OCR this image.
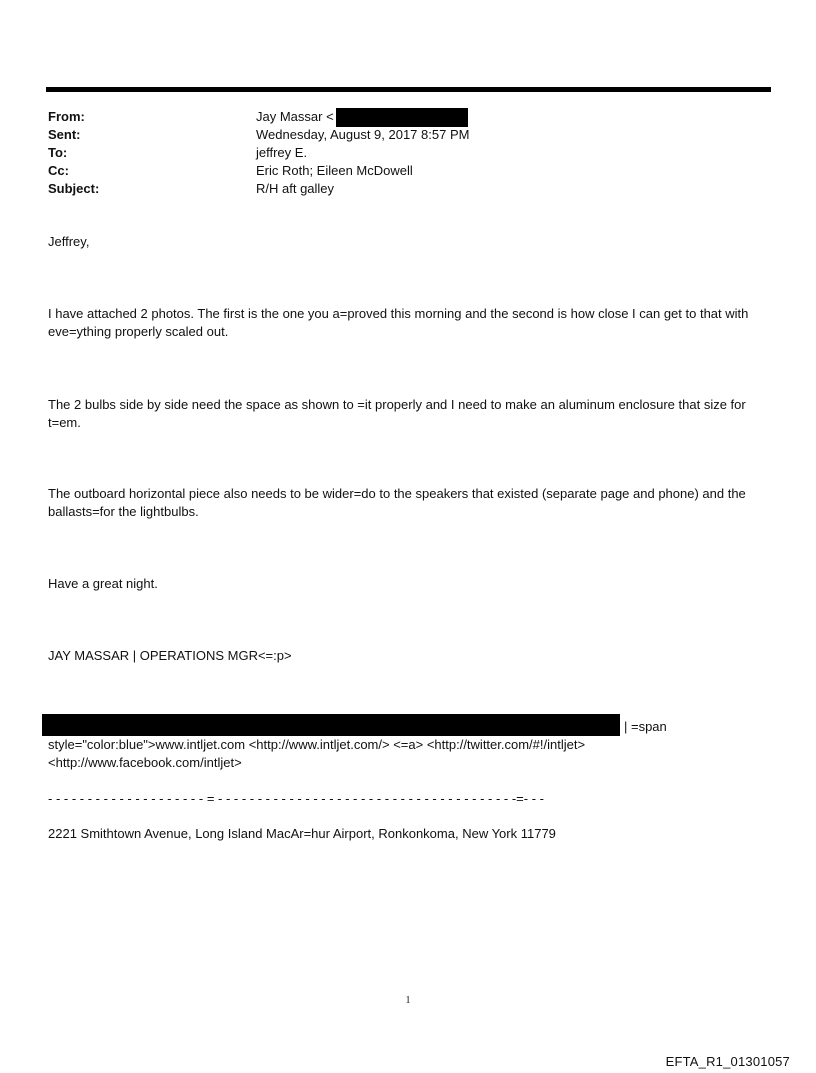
From:	Jay Massar <
Sent:	Wednesday, August 9, 2017 8:57 PM
To:	jeffrey E.
Cc:	Eric Roth; Eileen McDowell
Subject:	R/H aft galley
Jeffrey,
I have attached 2 photos. The first is the one you a=proved this morning and the second is how close I can get to that with eve=ything properly scaled out.
The 2 bulbs side by side need the space as shown to =it properly and I need to make an aluminum enclosure that size for t=em.
The outboard horizontal piece also needs to be wider=do to the speakers that existed (separate page and phone) and the ballasts=for the lightbulbs.
Have a great night.
JAY MASSAR | OPERATIONS MGR<=:p>
| =span
style="color:blue">www.intljet.com <http://www.intljet.com/> <=a> <http://twitter.com/#!/intljet>
<http://www.facebook.com/intljet>
- - - - - - - - - - - - - - - - - - - - = - - - - - - - - - - - - - - - - - - - - - - - - - - - - - - - - - - - - - -=- - -
2221 Smithtown Avenue, Long Island MacAr=hur Airport, Ronkonkoma, New York 11779
1
EFTA_R1_01301057
